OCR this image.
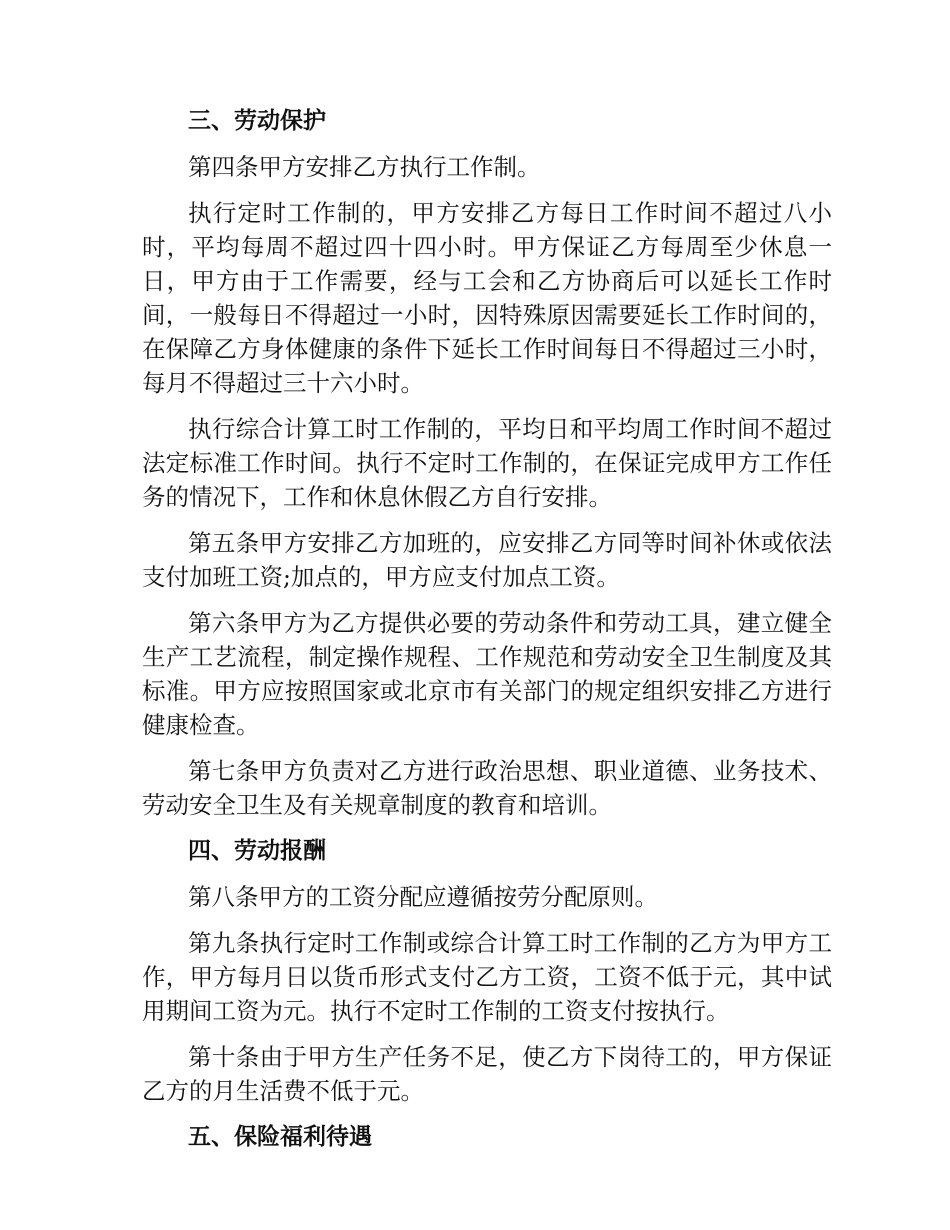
三、劳动保护

第四条甲方安排乙方执行工作制。

执行定时工作制的，甲方安排乙方每日工作时间不超过八小时，平均每周不超过四十四小时。甲方保证乙方每周至少休息一日，甲方由于工作需要，经与工会和乙方协商后可以延长工作时间，一般每日不得超过一小时，因特殊原因需要延长工作时间的，在保障乙方身体健康的条件下延长工作时间每日不得超过三小时，每月不得超过三十六小时。

执行综合计算工时工作制的，平均日和平均周工作时间不超过法定标准工作时间。执行不定时工作制的，在保证完成甲方工作任务的情况下，工作和休息休假乙方自行安排。

第五条甲方安排乙方加班的，应安排乙方同等时间补休或依法支付加班工资;加点的，甲方应支付加点工资。

第六条甲方为乙方提供必要的劳动条件和劳动工具，建立健全生产工艺流程，制定操作规程、工作规范和劳动安全卫生制度及其标准。甲方应按照国家或北京市有关部门的规定组织安排乙方进行健康检查。

第七条甲方负责对乙方进行政治思想、职业道德、业务技术、劳动安全卫生及有关规章制度的教育和培训。

四、劳动报酬

第八条甲方的工资分配应遵循按劳分配原则。

第九条执行定时工作制或综合计算工时工作制的乙方为甲方工作，甲方每月日以货币形式支付乙方工资，工资不低于元，其中试用期间工资为元。执行不定时工作制的工资支付按执行。

第十条由于甲方生产任务不足，使乙方下岗待工的，甲方保证乙方的月生活费不低于元。

五、保险福利待遇
